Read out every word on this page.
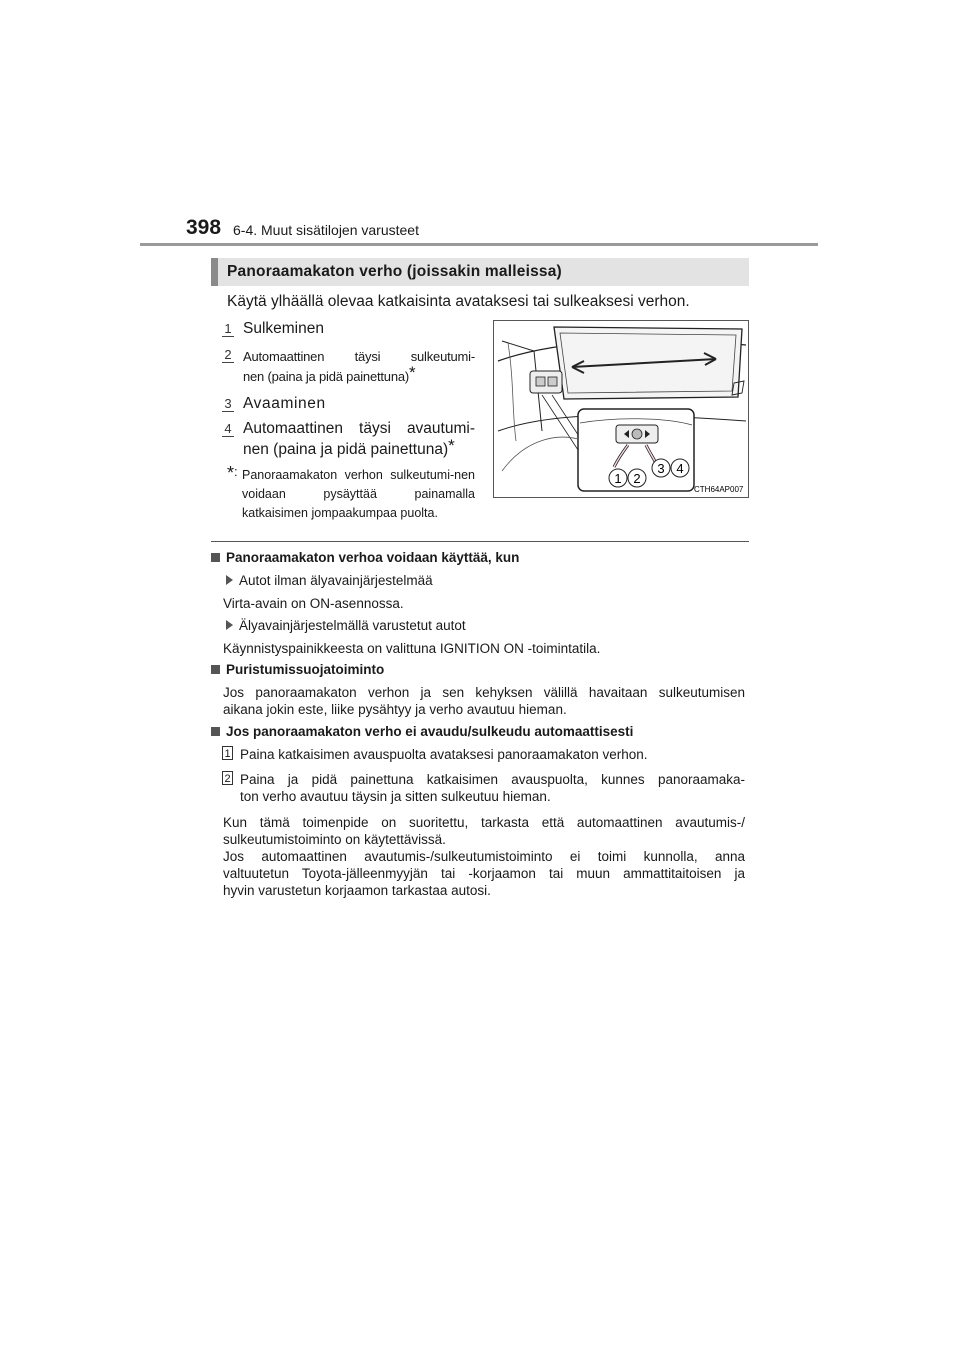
398 6-4. Muut sisätilojen varusteet
Panoraamakaton verho (joissakin malleissa)
Käytä ylhäällä olevaa katkaisinta avataksesi tai sulkeaksesi verhon.
1 Sulkeminen
2 Automaattinen täysi sulkeutumi-
nen (paina ja pidä painettuna)*
3 Avaaminen
4 Automaattinen täysi avautumi-
nen (paina ja pidä painettuna)*
*: Panoraamakaton verhon sulkeutumi-nen voidaan pysäyttää painamalla katkaisimen jompaakumpaa puolta.
1 2
3 4
CTH64AP007
Panoraamakaton verhoa voidaan käyttää, kun
Autot ilman älyavainjärjestelmää
Virta-avain on ON-asennossa.
Älyavainjärjestelmällä varustetut autot
Käynnistyspainikkeesta on valittuna IGNITION ON -toimintatila.
Puristumissuojatoiminto
Jos panoraamakaton verhon ja sen kehyksen välillä havaitaan sulkeutumisen
aikana jokin este, liike pysähtyy ja verho avautuu hieman.
Jos panoraamakaton verho ei avaudu/sulkeudu automaattisesti
1 Paina katkaisimen avauspuolta avataksesi panoraamakaton verhon.
2 Paina ja pidä painettuna katkaisimen avauspuolta, kunnes panoraamaka-
ton verho avautuu täysin ja sitten sulkeutuu hieman.
Kun tämä toimenpide on suoritettu, tarkasta että automaattinen avautumis-/
sulkeutumistoiminto on käytettävissä.
Jos automaattinen avautumis-/sulkeutumistoiminto ei toimi kunnolla, anna
valtuutetun Toyota-jälleenmyyjän tai -korjaamon tai muun ammattitaitoisen ja
hyvin varustetun korjaamon tarkastaa autosi.
